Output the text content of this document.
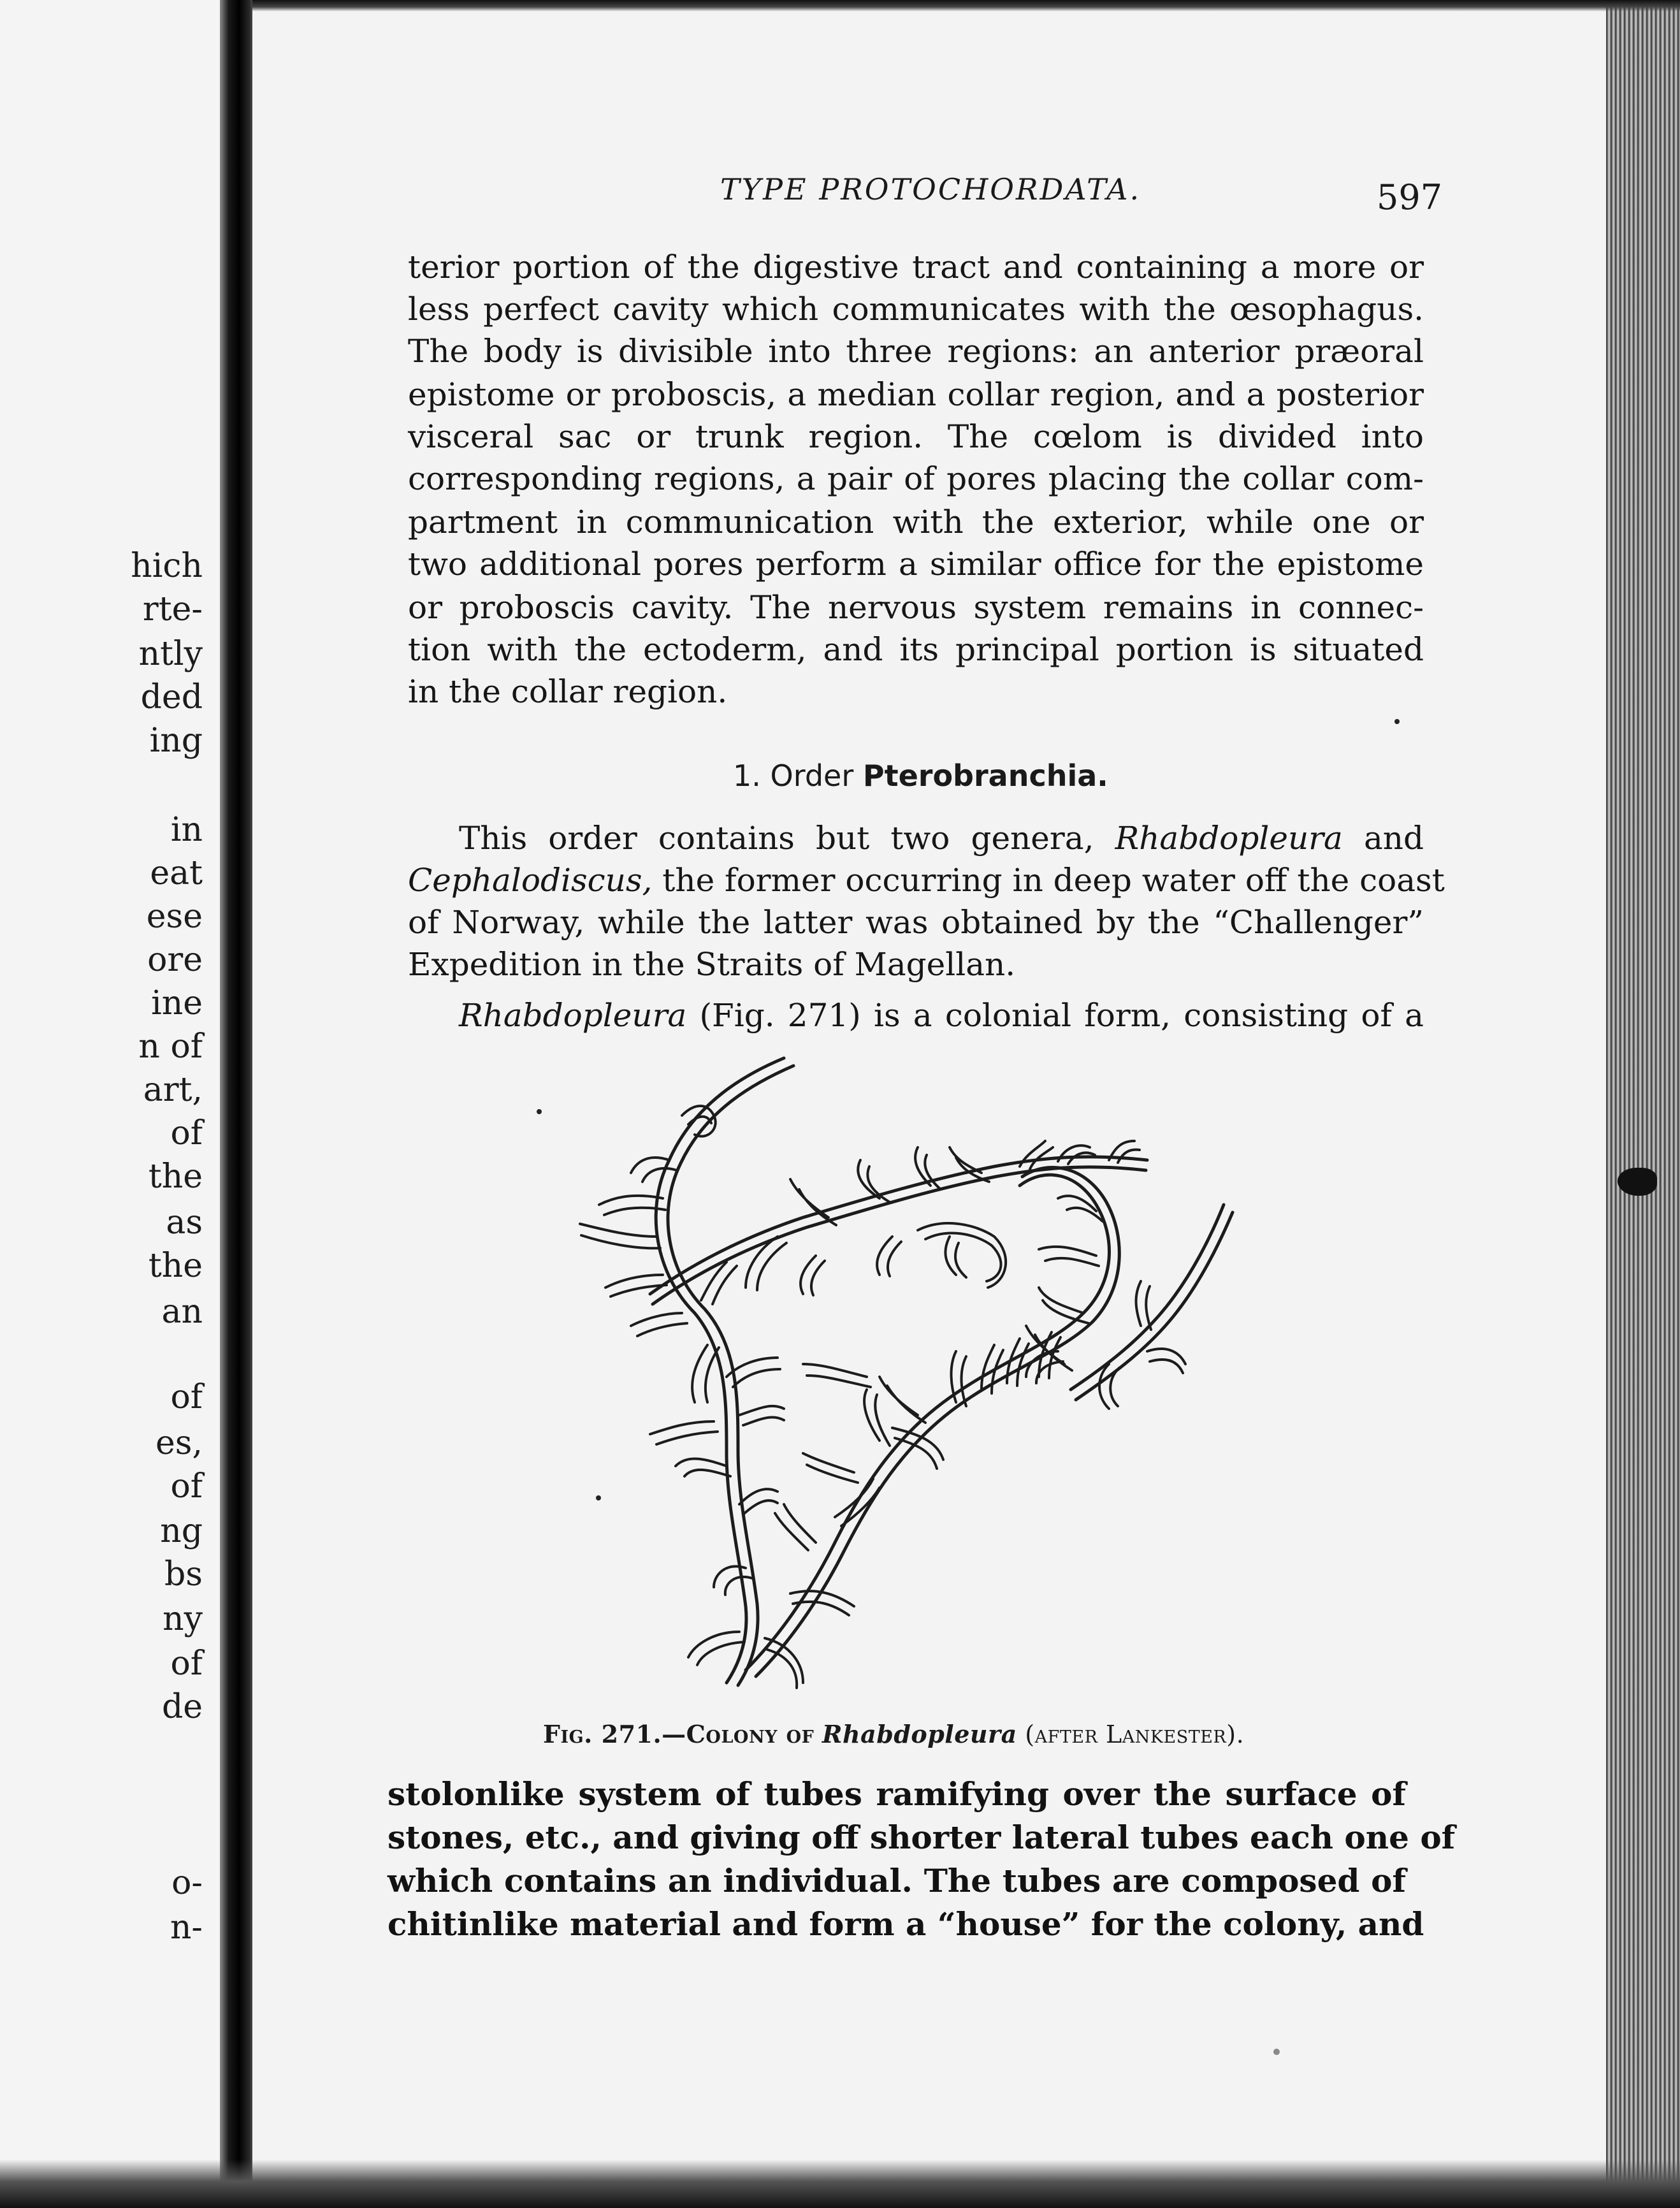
hich
rte-
ntly
ded
ing
in
eat
ese
ore
ine
n of
art,
of
the
as
the
an
of
es,
of
ng
bs
ny
of
de
o-
n-
TYPE PROTOCHORDATA.	597
terior portion of the digestive tract and containing a more or
less perfect cavity which communicates with the œsophagus.
The body is divisible into three regions: an anterior præoral
epistome or proboscis, a median collar region, and a posterior
visceral sac or trunk region. The cœlom is divided into
corresponding regions, a pair of pores placing the collar com-
partment in communication with the exterior, while one or
two additional pores perform a similar office for the epistome
or proboscis cavity. The nervous system remains in connec-
tion with the ectoderm, and its principal portion is situated
in the collar region.
1. Order Pterobranchia.
This order contains but two genera, Rhabdopleura and
Cephalodiscus, the former occurring in deep water off the coast
of Norway, while the latter was obtained by the “Challenger”
Expedition in the Straits of Magellan.
Rhabdopleura (Fig. 271) is a colonial form, consisting of a
Fig. 271.—Colony of Rhabdopleura (after Lankester).
stolonlike system of tubes ramifying over the surface of
stones, etc., and giving off shorter lateral tubes each one of
which contains an individual. The tubes are composed of
chitinlike material and form a “house” for the colony, and
